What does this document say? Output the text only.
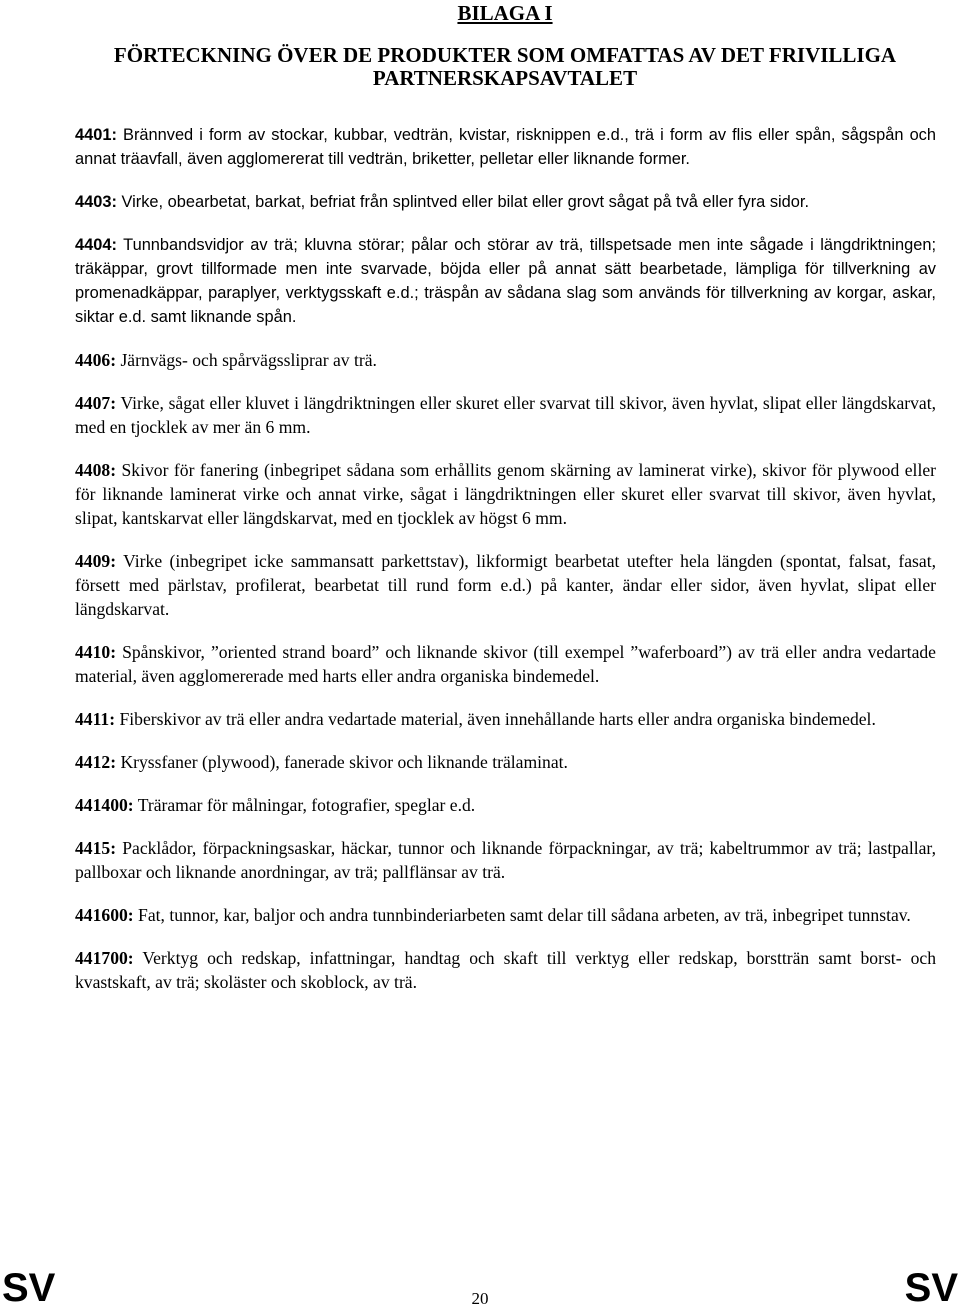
BILAGA I
FÖRTECKNING ÖVER DE PRODUKTER SOM OMFATTAS AV DET FRIVILLIGA
PARTNERSKAPSAVTALET

4401: Brännved i form av stockar, kubbar, vedträn, kvistar, risknippen e.d., trä i form av flis eller spån, sågspån och annat träavfall, även agglomererat till vedträn, briketter, pelletar eller liknande former.

4403: Virke, obearbetat, barkat, befriat från splintved eller bilat eller grovt sågat på två eller fyra sidor.

4404: Tunnbandsvidjor av trä; kluvna störar; pålar och störar av trä, tillspetsade men inte sågade i längdriktningen; träkäppar, grovt tillformade men inte svarvade, böjda eller på annat sätt bearbetade, lämpliga för tillverkning av promenadkäppar, paraplyer, verktygsskaft e.d.; träspån av sådana slag som används för tillverkning av korgar, askar, siktar e.d. samt liknande spån.

4406: Järnvägs- och spårvägssliprar av trä.

4407: Virke, sågat eller kluvet i längdriktningen eller skuret eller svarvat till skivor, även hyvlat, slipat eller längdskarvat, med en tjocklek av mer än 6 mm.

4408: Skivor för fanering (inbegripet sådana som erhållits genom skärning av laminerat virke), skivor för plywood eller för liknande laminerat virke och annat virke, sågat i längdriktningen eller skuret eller svarvat till skivor, även hyvlat, slipat, kantskarvat eller längdskarvat, med en tjocklek av högst 6 mm.

4409: Virke (inbegripet icke sammansatt parkettstav), likformigt bearbetat utefter hela längden (spontat, falsat, fasat, försett med pärlstav, profilerat, bearbetat till rund form e.d.) på kanter, ändar eller sidor, även hyvlat, slipat eller längdskarvat.

4410: Spånskivor, ”oriented strand board” och liknande skivor (till exempel ”waferboard”) av trä eller andra vedartade material, även agglomererade med harts eller andra organiska bindemedel.

4411: Fiberskivor av trä eller andra vedartade material, även innehållande harts eller andra organiska bindemedel.

4412: Kryssfaner (plywood), fanerade skivor och liknande trälaminat.

441400: Träramar för målningar, fotografier, speglar e.d.

4415: Packlådor, förpackningsaskar, häckar, tunnor och liknande förpackningar, av trä; kabeltrummor av trä; lastpallar, pallboxar och liknande anordningar, av trä; pallflänsar av trä.

441600: Fat, tunnor, kar, baljor och andra tunnbinderiarbeten samt delar till sådana arbeten, av trä, inbegripet tunnstav.

441700: Verktyg och redskap, infattningar, handtag och skaft till verktyg eller redskap, borstträn samt borst- och kvastskaft, av trä; skoläster och skoblock, av trä.

SV	20	SV
